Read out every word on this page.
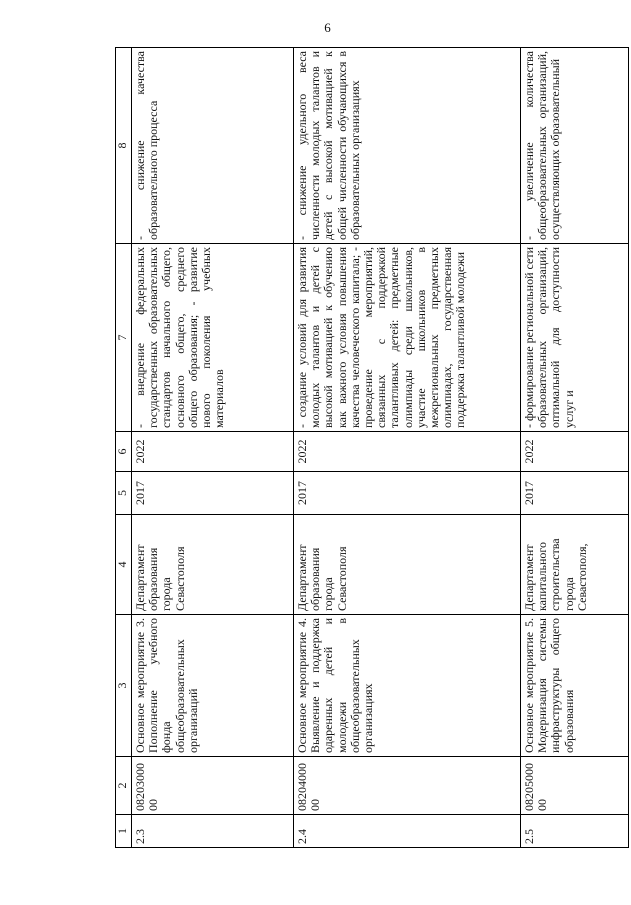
6
1	2	3	4	5	6	7	8
2.3	0820300000	Основное мероприятие 3. Пополнение учебного фонда общеобразовательных организаций	Департамент образования города Севастополя	2017	2022	- внедрение федеральных государственных образовательных стандартов начального общего, основного общего, среднего общего образования; - развитие нового поколения учебных материалов	- снижение качества образовательного процесса
2.4	0820400000	Основное мероприятие 4. Выявление и поддержка одаренных детей и молодежи в общеобразовательных организациях	Департамент образования города Севастополя	2017	2022	- создание условий для развития молодых талантов и детей с высокой мотивацией к обучению как важного условия повышения качества человеческого капитала; - проведение мероприятий, связанных с поддержкой талантливых детей: предметные олимпиады среди школьников, участие школьников в межрегиональных предметных олимпиадах, государственная поддержка талантливой молодежи	- снижение удельного веса численности молодых талантов и детей с высокой мотивацией к общей численности обучающихся в образовательных организациях
2.5	0820500000	Основное мероприятие 5. Модернизация системы инфраструктуры общего образования	Департамент капитального строительства города Севастополя,	2017	2022	- формирование региональной сети образовательных организаций, оптимальной для доступности услуг и	- увеличение количества общеобразовательных организаций, осуществляющих образовательный
